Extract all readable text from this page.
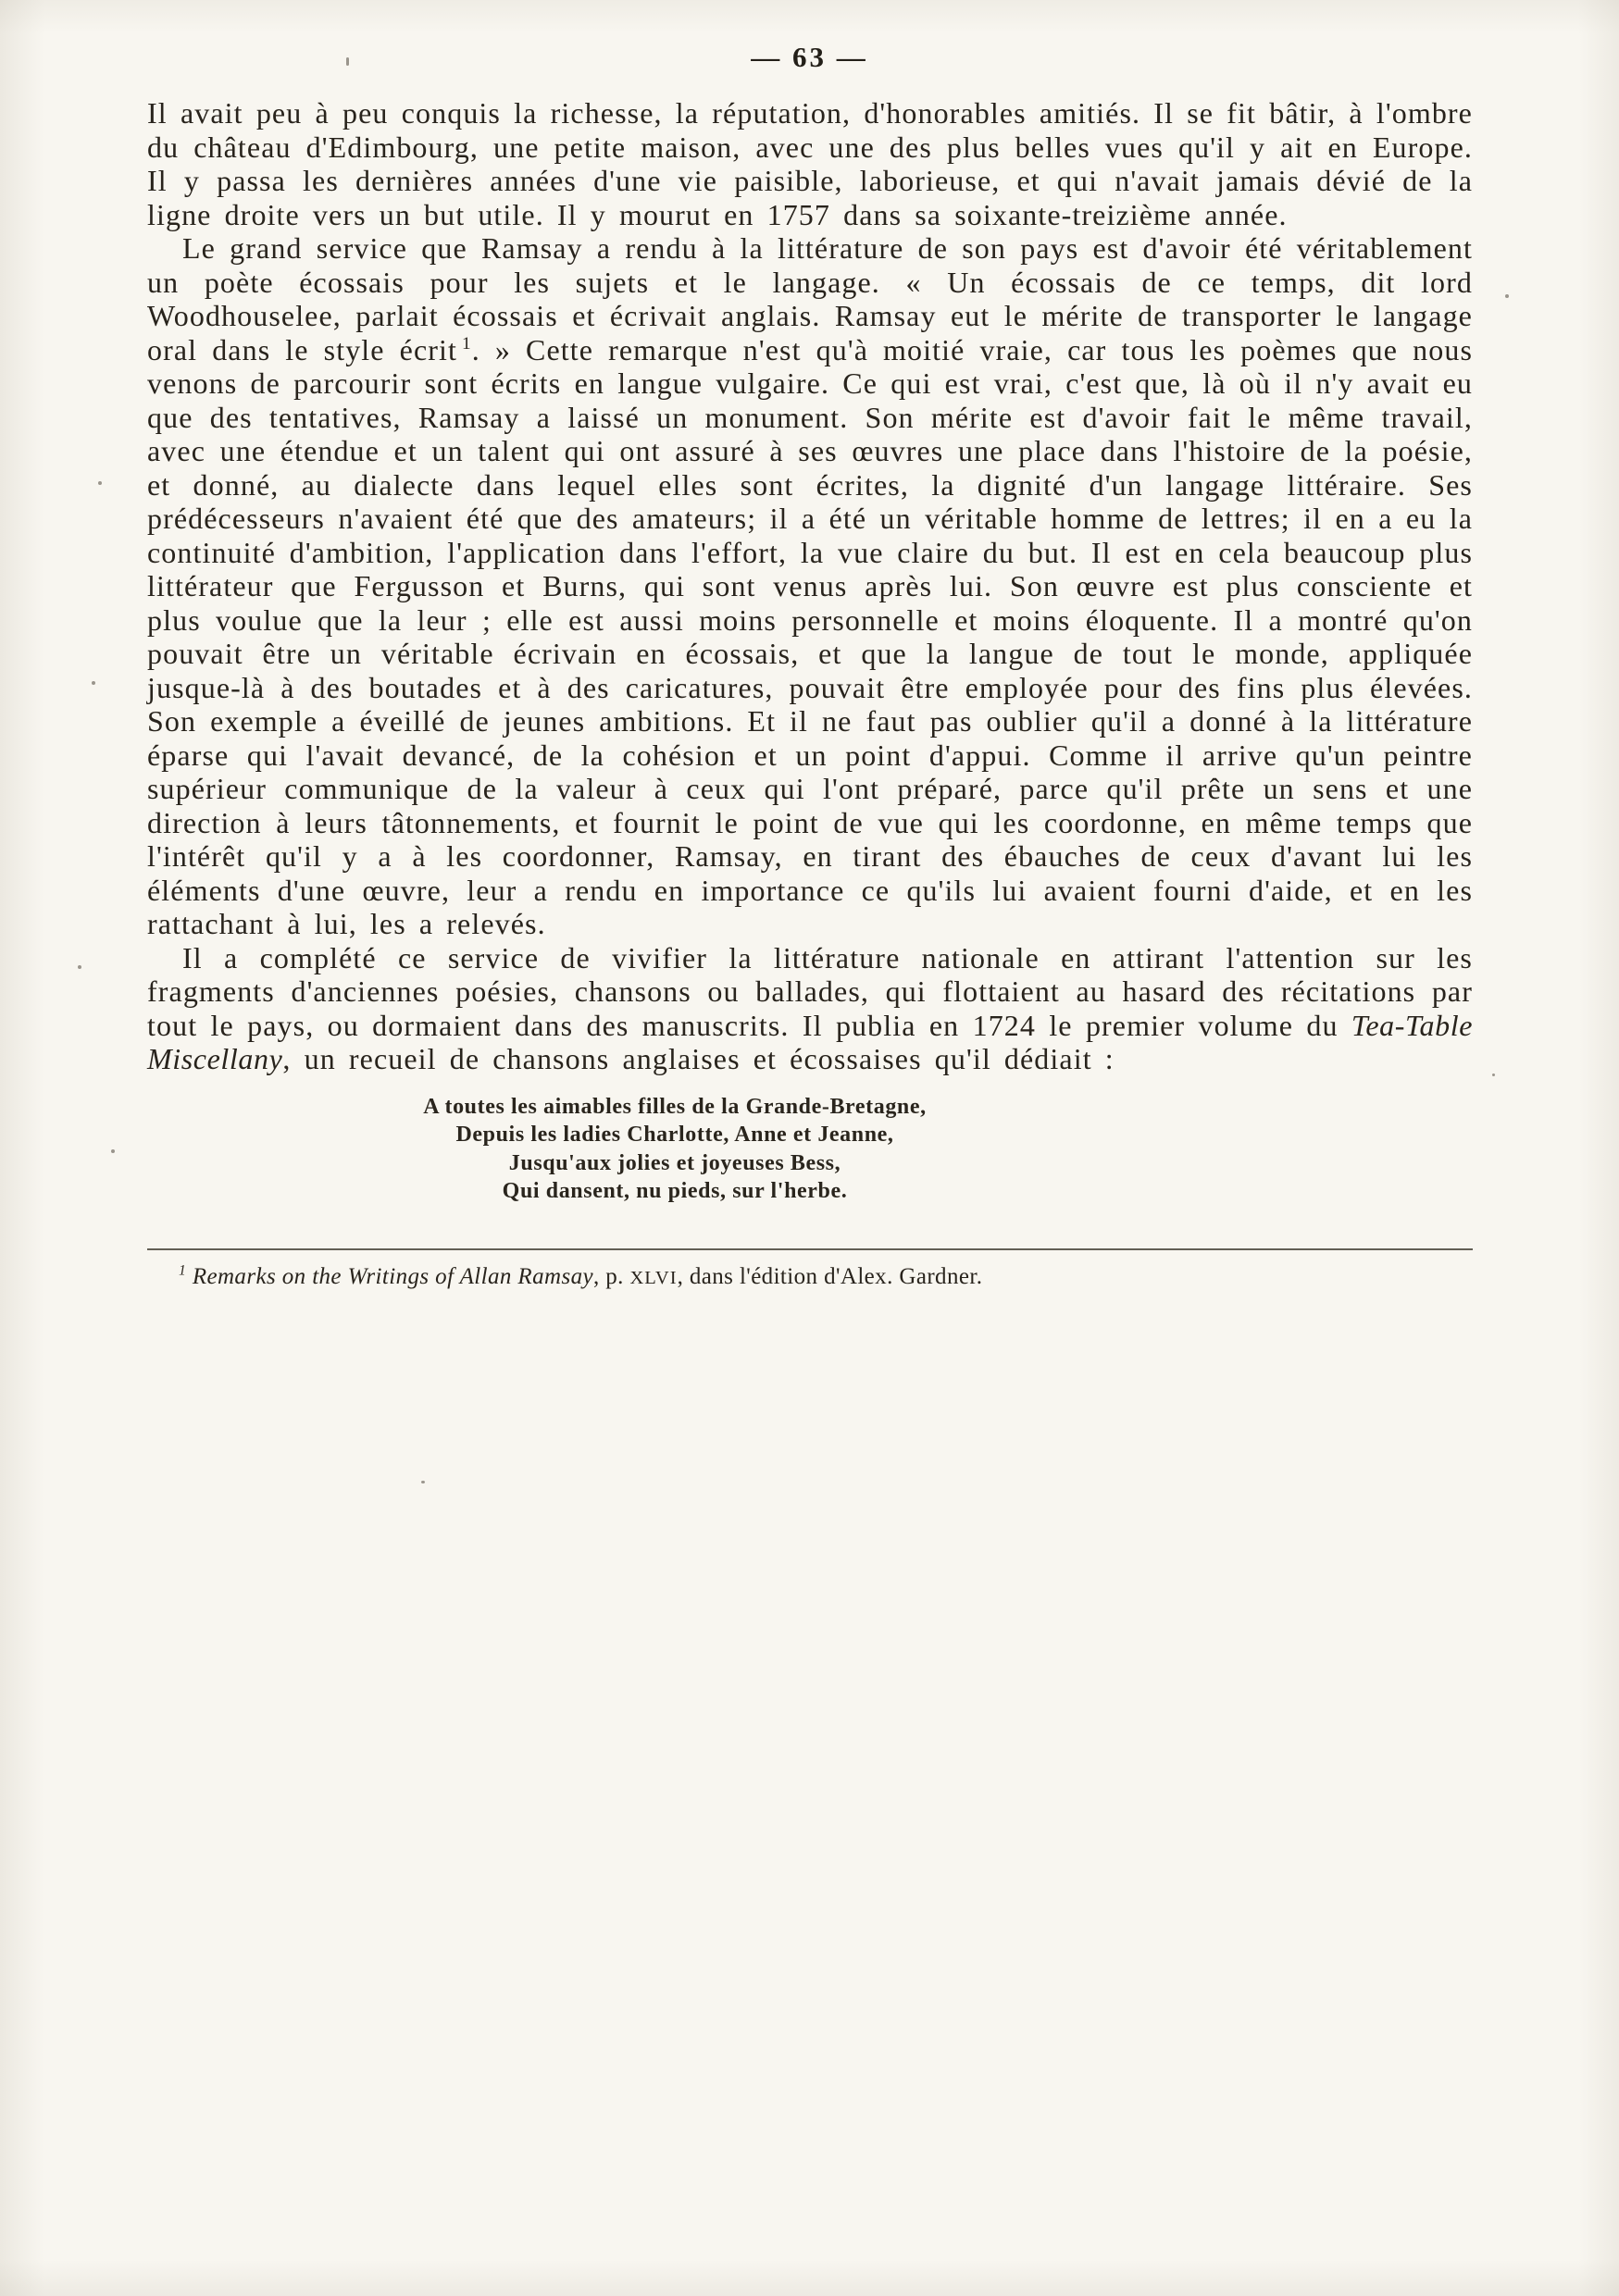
— 63 —

Il avait peu à peu conquis la richesse, la réputation, d'honorables amitiés. Il se fit bâtir, à l'ombre du château d'Edimbourg, une petite maison, avec une des plus belles vues qu'il y ait en Europe. Il y passa les dernières années d'une vie paisible, laborieuse, et qui n'avait jamais dévié de la ligne droite vers un but utile. Il y mourut en 1757 dans sa soixante-treizième année.

Le grand service que Ramsay a rendu à la littérature de son pays est d'avoir été véritablement un poète écossais pour les sujets et le langage. « Un écossais de ce temps, dit lord Woodhouselee, parlait écossais et écrivait anglais. Ramsay eut le mérite de transporter le langage oral dans le style écrit $^1$. » Cette remarque n'est qu'à moitié vraie, car tous les poèmes que nous venons de parcourir sont écrits en langue vulgaire. Ce qui est vrai, c'est que, là où il n'y avait eu que des tentatives, Ramsay a laissé un monument. Son mérite est d'avoir fait le même travail, avec une étendue et un talent qui ont assuré à ses œuvres une place dans l'histoire de la poésie, et donné, au dialecte dans lequel elles sont écrites, la dignité d'un langage littéraire. Ses prédécesseurs n'avaient été que des amateurs; il a été un véritable homme de lettres; il en a eu la continuité d'ambition, l'application dans l'effort, la vue claire du but. Il est en cela beaucoup plus littérateur que Fergusson et Burns, qui sont venus après lui. Son œuvre est plus consciente et plus voulue que la leur ; elle est aussi moins personnelle et moins éloquente. Il a montré qu'on pouvait être un véritable écrivain en écossais, et que la langue de tout le monde, appliquée jusque-là à des boutades et à des caricatures, pouvait être employée pour des fins plus élevées. Son exemple a éveillé de jeunes ambitions. Et il ne faut pas oublier qu'il a donné à la littérature éparse qui l'avait devancé, de la cohésion et un point d'appui. Comme il arrive qu'un peintre supérieur communique de la valeur à ceux qui l'ont préparé, parce qu'il prête un sens et une direction à leurs tâtonnements, et fournit le point de vue qui les coordonne, en même temps que l'intérêt qu'il y a à les coordonner, Ramsay, en tirant des ébauches de ceux d'avant lui les éléments d'une œuvre, leur a rendu en importance ce qu'ils lui avaient fourni d'aide, et en les rattachant à lui, les a relevés.

Il a complété ce service de vivifier la littérature nationale en attirant l'attention sur les fragments d'anciennes poésies, chansons ou ballades, qui flottaient au hasard des récitations par tout le pays, ou dormaient dans des manuscrits. Il publia en 1724 le premier volume du Tea-Table Miscellany, un recueil de chansons anglaises et écossaises qu'il dédiait :

A toutes les aimables filles de la Grande-Bretagne,
Depuis les ladies Charlotte, Anne et Jeanne,
Jusqu'aux jolies et joyeuses Bess,
Qui dansent, nu pieds, sur l'herbe.
$^1$ Remarks on the Writings of Allan Ramsay, p. XLVI, dans l'édition d'Alex. Gardner.
